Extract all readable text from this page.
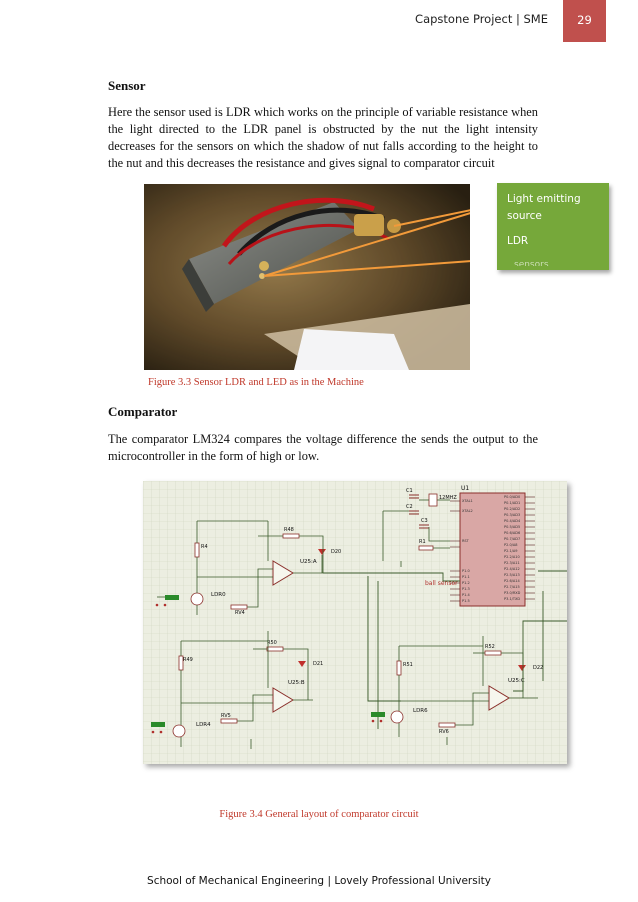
Capstone Project | SME	29
Sensor
Here the sensor used is LDR which works on the principle of variable resistance when the light directed to the LDR panel is obstructed by the nut the light intensity decreases for the sensors on which the shadow of nut falls according to the height to the nut and this decreases the resistance and gives signal to comparator circuit
Light emitting
source
LDR
sensors
Figure 3.3 Sensor LDR and LED as in the Machine
Comparator
The comparator LM324 compares the voltage difference the sends the output to the microcontroller in the form of high or low.
U1
P0.0/AD0
P0.1/AD1
P0.2/AD2
P0.3/AD3
P0.4/AD4
P0.5/AD5
P0.6/AD6
P0.7/AD7
P2.0/A8
P2.1/A9
P2.2/A10
P2.3/A11
P2.4/A12
P2.5/A13
P2.6/A14
P2.7/A15
P3.0/RXD
P3.1/TXD
XTAL1
XTAL2
RST
P1.0
P1.1
P1.2
P1.3
P1.4
P1.5
12MHZ
C1
C2
C3
R1
ball sensor
U25:A
R48
D20
R4
LDR0
RV4
U25:B
R50
D21
R49
LDR4
RV5
U25:C
R52
D22
R51
LDR6
RV6
Figure 3.4 General layout of comparator circuit
School of Mechanical Engineering | Lovely Professional University
